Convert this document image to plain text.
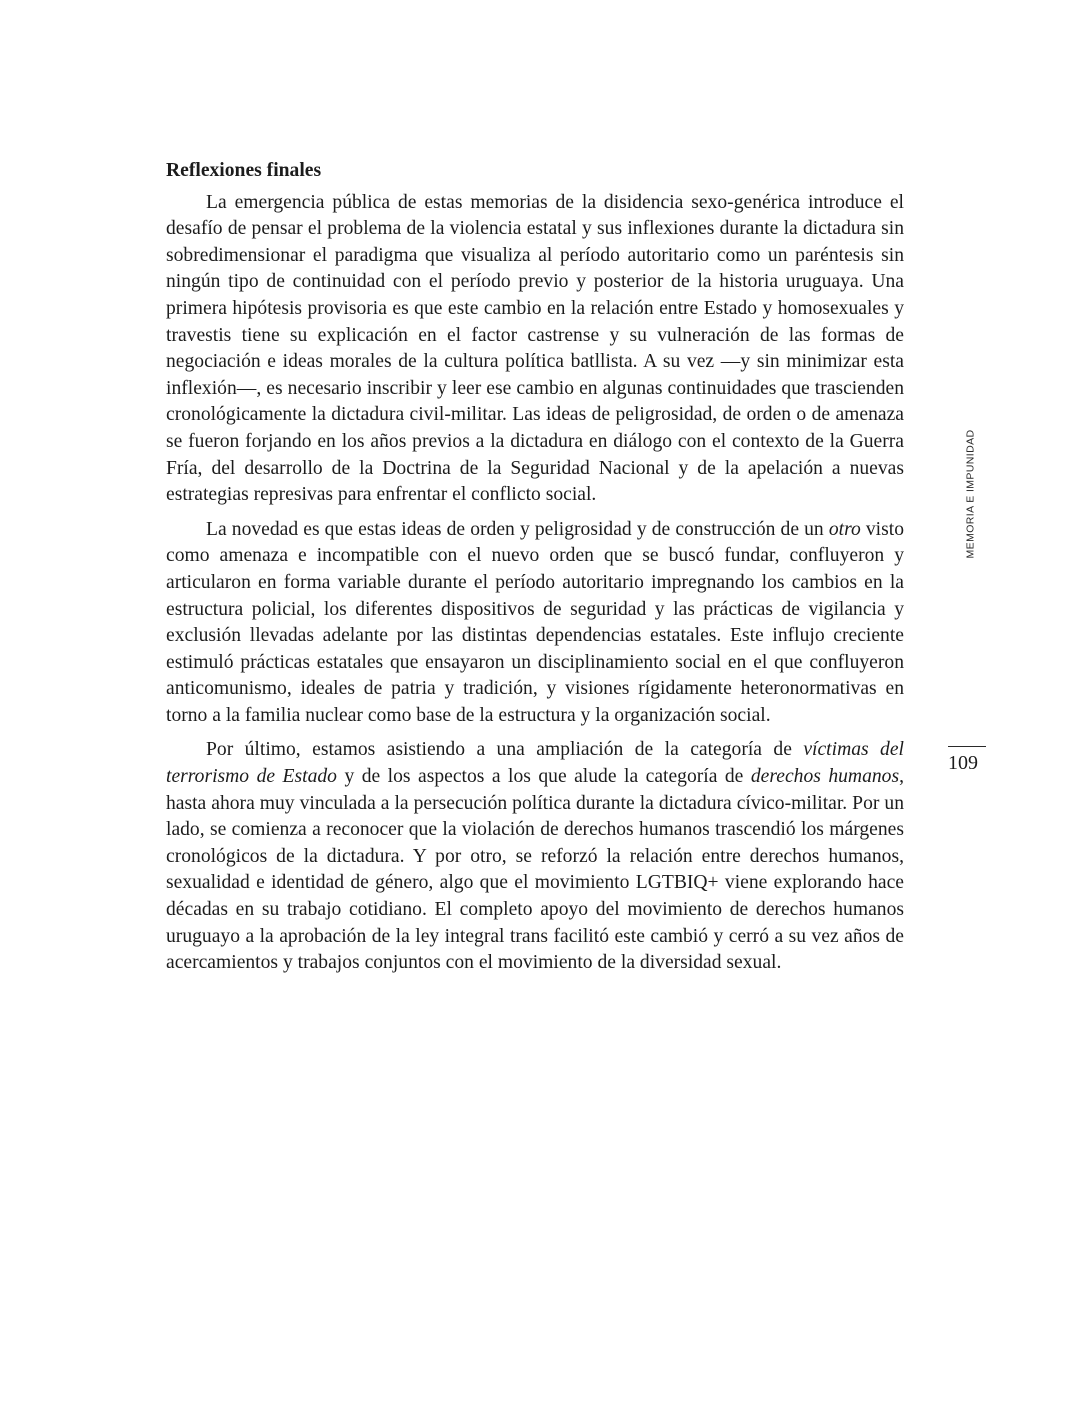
Reflexiones finales

La emergencia pública de estas memorias de la disidencia sexo-genérica introduce el desafío de pensar el problema de la violencia estatal y sus inflexiones durante la dictadura sin sobredimensionar el paradigma que visualiza al período autoritario como un paréntesis sin ningún tipo de continuidad con el período previo y posterior de la historia uruguaya. Una primera hipótesis provisoria es que este cambio en la relación entre Estado y homosexuales y travestis tiene su explicación en el factor castrense y su vulneración de las formas de negociación e ideas morales de la cultura política batllista. A su vez —y sin minimizar esta inflexión—, es necesario inscribir y leer ese cambio en algunas continuidades que trascienden cronológicamente la dictadura civil-militar. Las ideas de peligrosidad, de orden o de amenaza se fueron forjando en los años previos a la dictadura en diálogo con el contexto de la Guerra Fría, del desarrollo de la Doctrina de la Seguridad Nacional y de la apelación a nuevas estrategias represivas para enfrentar el conflicto social.

La novedad es que estas ideas de orden y peligrosidad y de construcción de un otro visto como amenaza e incompatible con el nuevo orden que se buscó fundar, confluyeron y articularon en forma variable durante el período autoritario impregnando los cambios en la estructura policial, los diferentes dispositivos de seguridad y las prácticas de vigilancia y exclusión llevadas adelante por las distintas dependencias estatales. Este influjo creciente estimuló prácticas estatales que ensayaron un disciplinamiento social en el que confluyeron anticomunismo, ideales de patria y tradición, y visiones rígidamente heteronormativas en torno a la familia nuclear como base de la estructura y la organización social.

Por último, estamos asistiendo a una ampliación de la categoría de víctimas del terrorismo de Estado y de los aspectos a los que alude la categoría de derechos humanos, hasta ahora muy vinculada a la persecución política durante la dictadura cívico-militar. Por un lado, se comienza a reconocer que la violación de derechos humanos trascendió los márgenes cronológicos de la dictadura. Y por otro, se reforzó la relación entre derechos humanos, sexualidad e identidad de género, algo que el movimiento LGTBIQ+ viene explorando hace décadas en su trabajo cotidiano. El completo apoyo del movimiento de derechos humanos uruguayo a la aprobación de la ley integral trans facilitó este cambió y cerró a su vez años de acercamientos y trabajos conjuntos con el movimiento de la diversidad sexual.

MEMORIA E IMPUNIDAD
109
